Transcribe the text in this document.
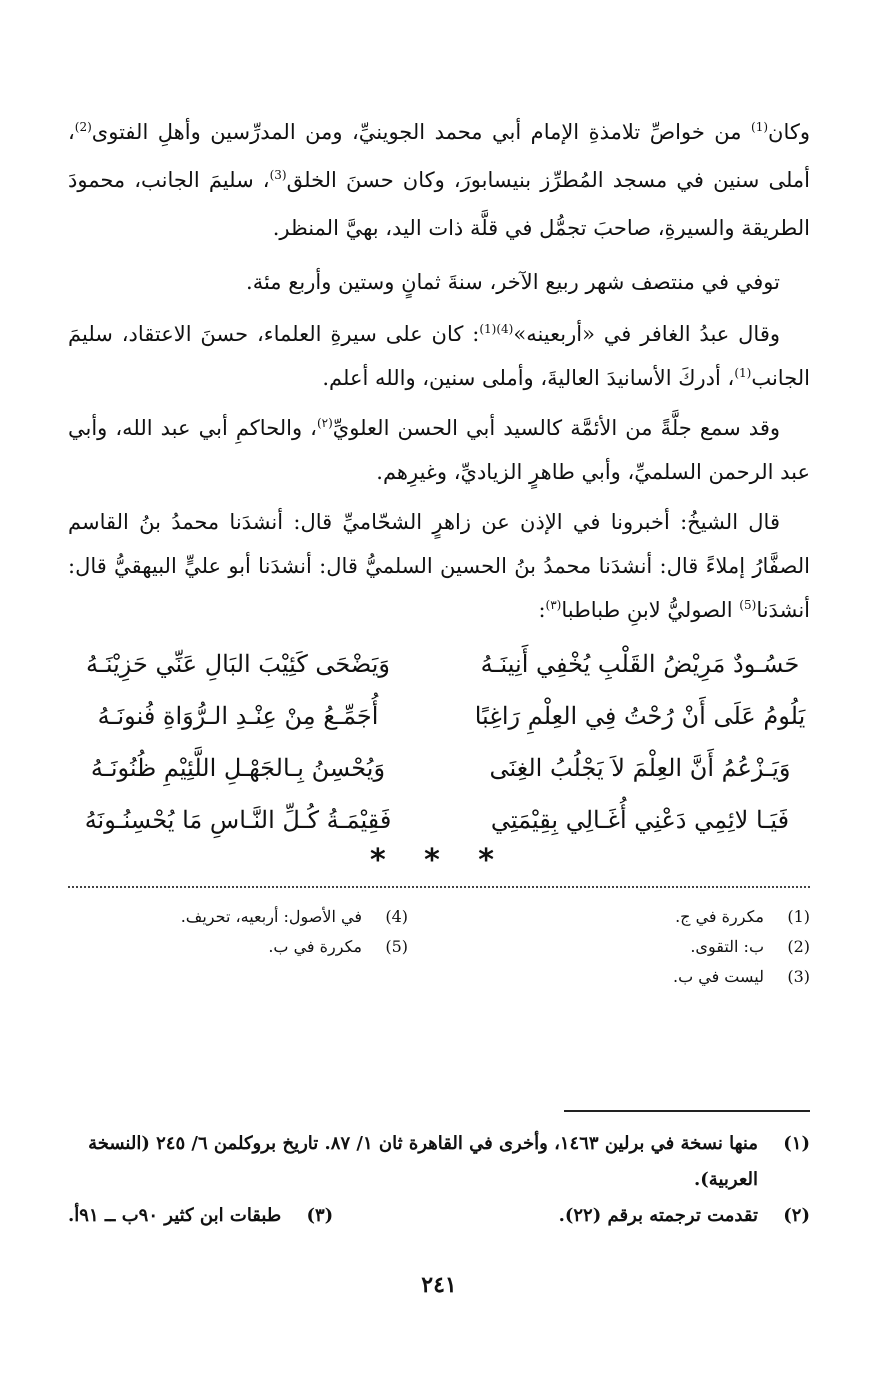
وكان$^{(1)}$ من خواصِّ تلامذةِ الإمام أبي محمد الجوينيِّ، ومن المدرِّسين وأهلِ الفتوى$^{(2)}$، أملى سنين في مسجد المُطرِّز بنيسابورَ، وكان حسنَ الخلق$^{(3)}$، سليمَ الجانب، محمودَ الطريقة والسيرةِ، صاحبَ تجمُّل في قلَّة ذات اليد، بهيَّ المنظر.

توفي في منتصف شهر ربيع الآخر، سنةَ ثمانٍ وستين وأربع مئة.

وقال عبدُ الغافر في «أربعينه»$^{(4)(1)}$: كان على سيرةِ العلماء، حسنَ الاعتقاد، سليمَ الجانب$^{(1)}$، أدركَ الأسانيدَ العاليةَ، وأملى سنين، والله أعلم.

وقد سمع جلَّةً من الأئمَّة كالسيد أبي الحسن العلويِّ$^{(٢)}$، والحاكمِ أبي عبد الله، وأبي عبد الرحمن السلميِّ، وأبي طاهرٍ الزياديِّ، وغيرِهم.

قال الشيخُ: أخبرونا في الإذن عن زاهرٍ الشحّاميِّ قال: أنشدَنا محمدُ بنُ القاسم الصفَّارُ إملاءً قال: أنشدَنا محمدُ بنُ الحسين السلميُّ قال: أنشدَنا أبو عليٍّ البيهقيُّ قال: أنشدَنا$^{(5)}$ الصوليُّ لابنِ طباطبا$^{(٣)}$:

حَسُـودٌ مَرِيْضُ القَلْبِ يُخْفِي أَنِينَـهُ
وَيَضْحَى كَئِيْبَ البَالِ عَنِّي حَزِيْنَـهُ
يَلُومُ عَلَى أَنْ رُحْتُ فِي العِلْمِ رَاغِبًا
أُجَمِّـعُ مِنْ عِنْـدِ الـرُّوَاةِ فُنونَـهُ
وَيَـزْعُمُ أَنَّ العِلْمَ لاَ يَجْلُبُ الغِنَى
وَيُحْسِنُ بِـالجَهْـلِ اللَّئِيْمِ ظُنُونَـهُ
فَيَـا لائِمِي دَعْنِي أُغَـالِي بِقِيْمَتِي
فَقِيْمَـةُ كُـلِّ النَّـاسِ مَا يُحْسِنُـونَهُ
* * *
(1)
مكررة في ج.
(2)
ب: التقوى.
(3)
ليست في ب.
(4)
في الأصول: أربعيه، تحريف.
(5)
مكررة في ب.
(١)
منها نسخة في برلين ١٤٦٣، وأخرى في القاهرة ثان ١/ ٨٧. تاريخ بروكلمن ٦/ ٢٤٥ (النسخة العربية).
(٢)
تقدمت ترجمته برقم (٢٢).
(٣)
طبقات ابن كثير ٩٠ب ــ ٩١أ.
٢٤١
